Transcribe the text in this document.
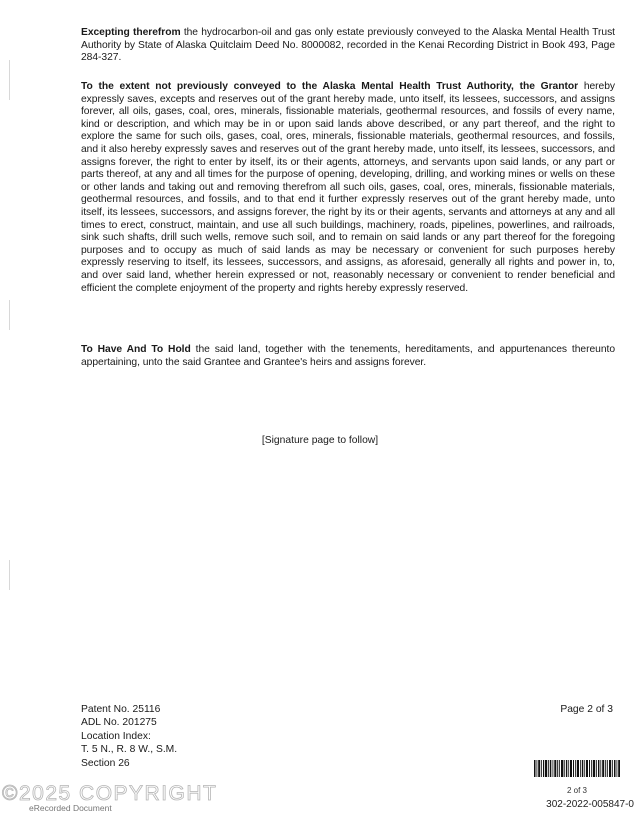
Excepting therefrom the hydrocarbon-oil and gas only estate previously conveyed to the Alaska Mental Health Trust Authority by State of Alaska Quitclaim Deed No. 8000082, recorded in the Kenai Recording District in Book 493, Page 284-327.

To the extent not previously conveyed to the Alaska Mental Health Trust Authority, the Grantor hereby expressly saves, excepts and reserves out of the grant hereby made, unto itself, its lessees, successors, and assigns forever, all oils, gases, coal, ores, minerals, fissionable materials, geothermal resources, and fossils of every name, kind or description, and which may be in or upon said lands above described, or any part thereof, and the right to explore the same for such oils, gases, coal, ores, minerals, fissionable materials, geothermal resources, and fossils, and it also hereby expressly saves and reserves out of the grant hereby made, unto itself, its lessees, successors, and assigns forever, the right to enter by itself, its or their agents, attorneys, and servants upon said lands, or any part or parts thereof, at any and all times for the purpose of opening, developing, drilling, and working mines or wells on these or other lands and taking out and removing therefrom all such oils, gases, coal, ores, minerals, fissionable materials, geothermal resources, and fossils, and to that end it further expressly reserves out of the grant hereby made, unto itself, its lessees, successors, and assigns forever, the right by its or their agents, servants and attorneys at any and all times to erect, construct, maintain, and use all such buildings, machinery, roads, pipelines, powerlines, and railroads, sink such shafts, drill such wells, remove such soil, and to remain on said lands or any part thereof for the foregoing purposes and to occupy as much of said lands as may be necessary or convenient for such purposes hereby expressly reserving to itself, its lessees, successors, and assigns, as aforesaid, generally all rights and power in, to, and over said land, whether herein expressed or not, reasonably necessary or convenient to render beneficial and efficient the complete enjoyment of the property and rights hereby expressly reserved.

To Have And To Hold the said land, together with the tenements, hereditaments, and appurtenances thereunto appertaining, unto the said Grantee and Grantee's heirs and assigns forever.

[Signature page to follow]
Patent No. 25116
ADL No. 201275
Location Index:
T. 5 N., R. 8 W., S.M.
Section 26
Page 2 of 3
2 of 3
302-2022-005847-0
©2025 COPYRIGHT
eRecorded Document
